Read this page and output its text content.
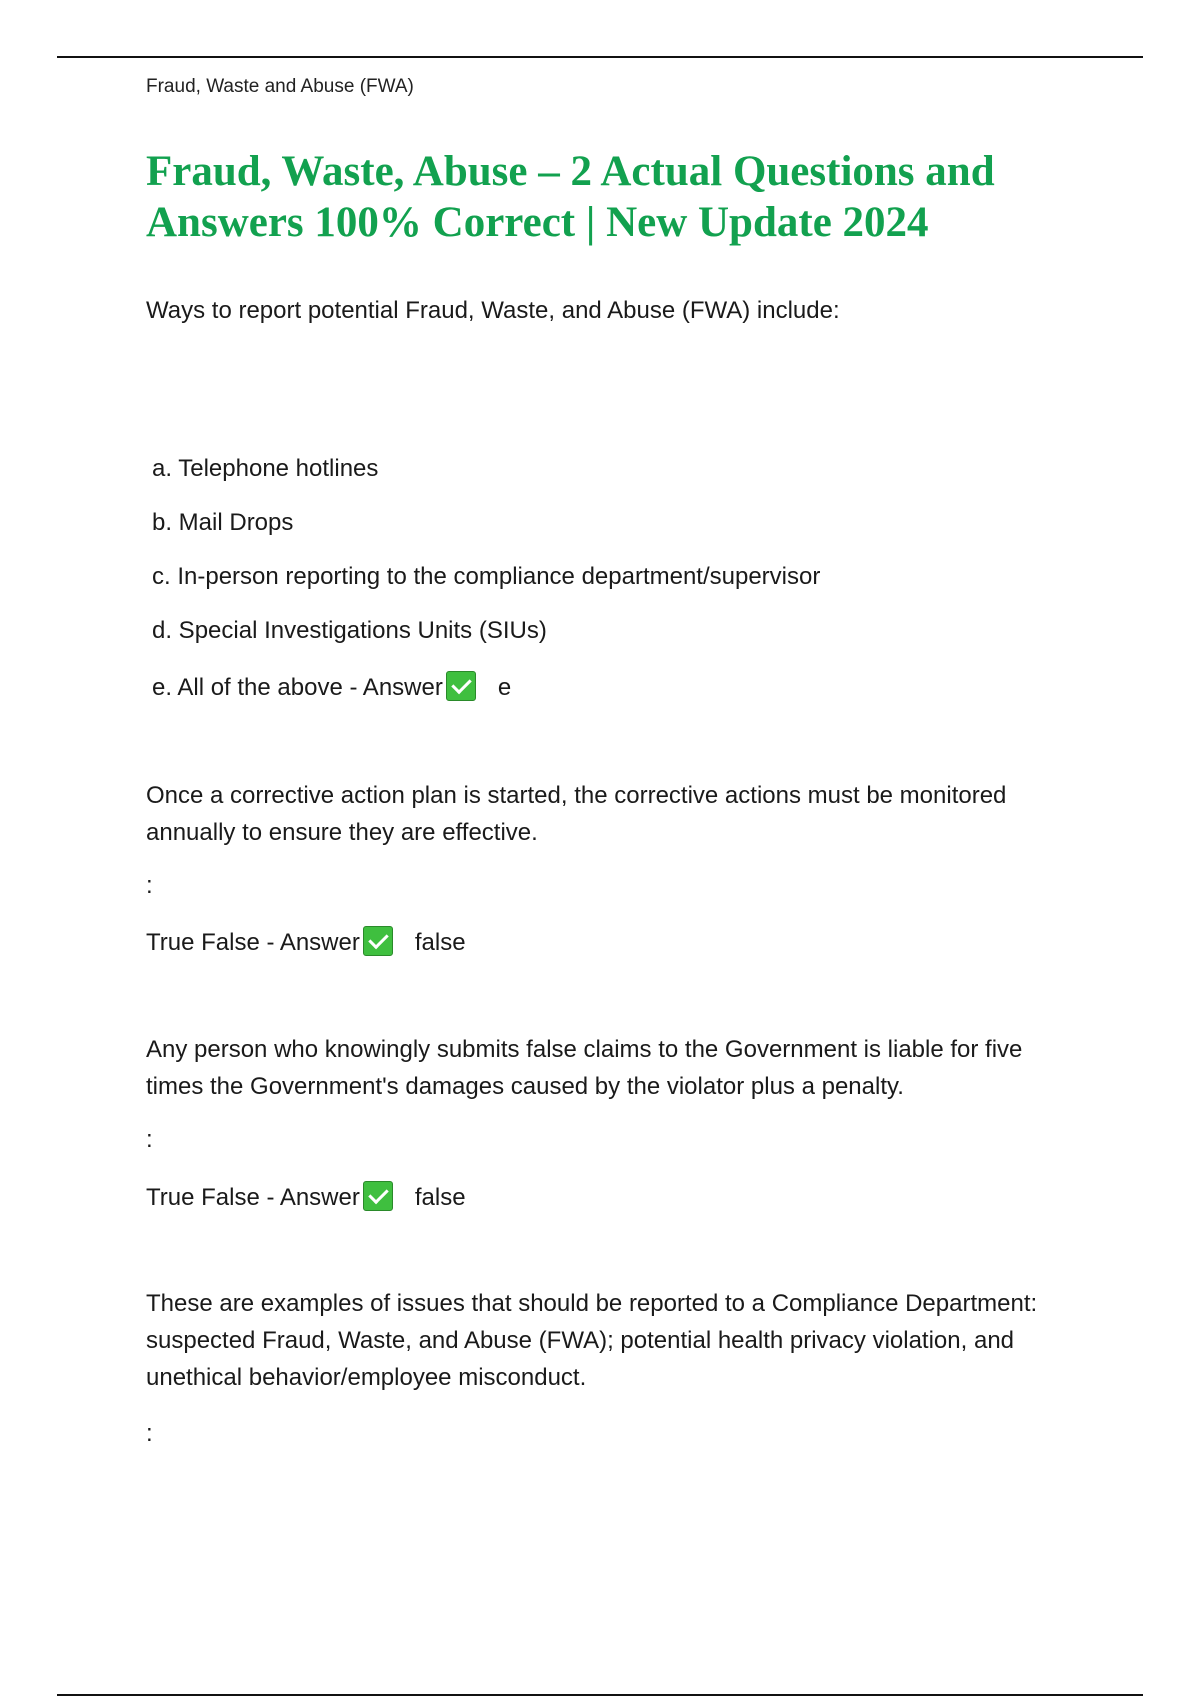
Fraud, Waste and Abuse (FWA)
Fraud, Waste, Abuse – 2 Actual Questions and Answers 100% Correct | New Update 2024
Ways to report potential Fraud, Waste, and Abuse (FWA) include:
a. Telephone hotlines
b. Mail Drops
c. In-person reporting to the compliance department/supervisor
d. Special Investigations Units (SIUs)
e. All of the above - Answer e
Once a corrective action plan is started, the corrective actions must be monitored annually to ensure they are effective.
:
True False - Answer false
Any person who knowingly submits false claims to the Government is liable for five times the Government's damages caused by the violator plus a penalty.
:
True False - Answer false
These are examples of issues that should be reported to a Compliance Department: suspected Fraud, Waste, and Abuse (FWA); potential health privacy violation, and unethical behavior/employee misconduct.
:
